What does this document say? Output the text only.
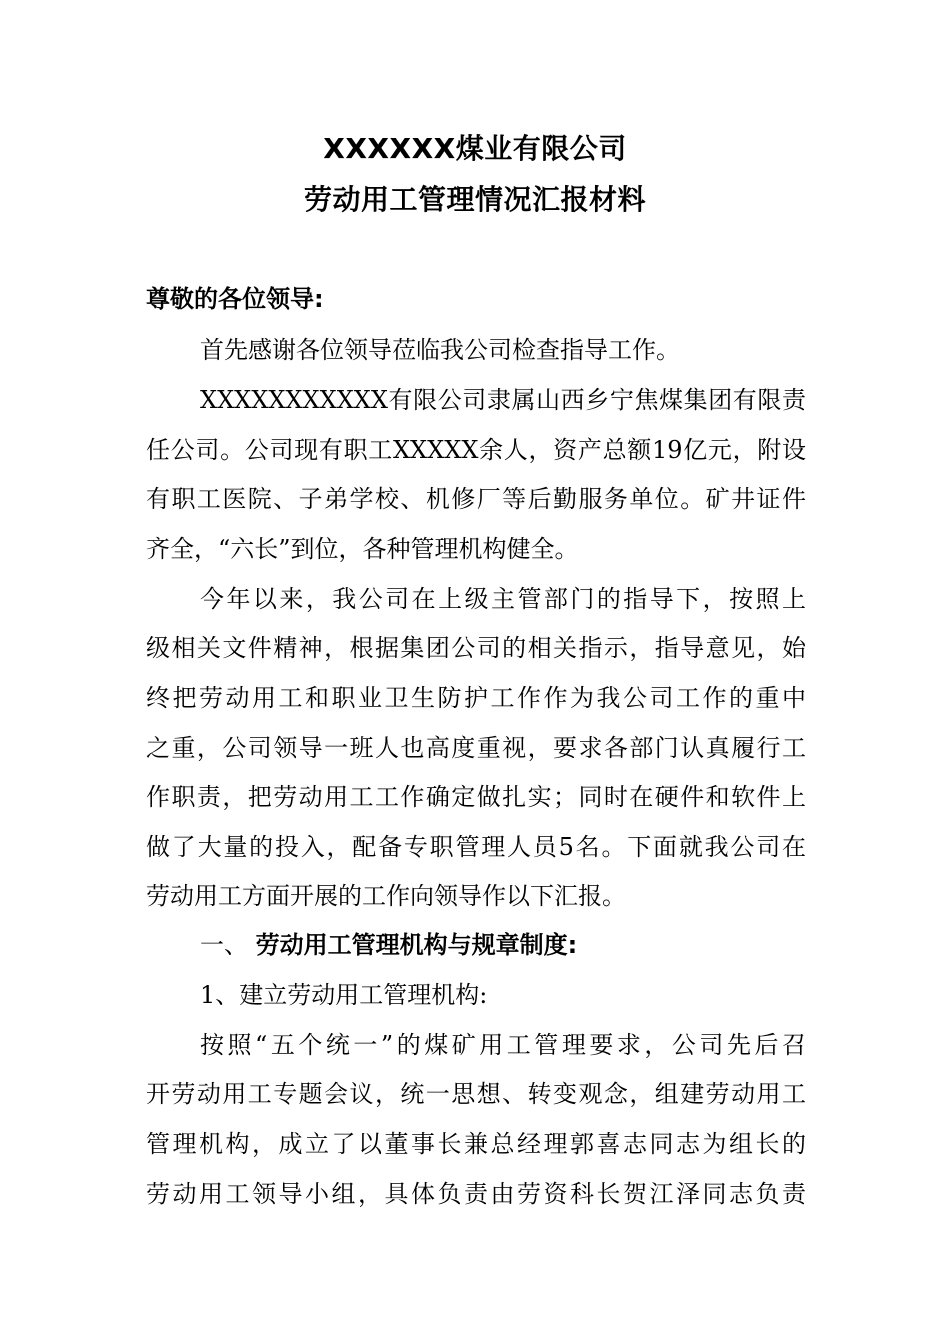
XXXXXX煤业有限公司
劳动用工管理情况汇报材料
尊敬的各位领导:
首先感谢各位领导莅临我公司检查指导工作。
XXXXXXXXXXX有限公司隶属山西乡宁焦煤集团有限责
任公司。公司现有职工XXXXX余人，资产总额19亿元，附设
有职工医院、子弟学校、机修厂等后勤服务单位。矿井证件
齐全，“六长”到位，各种管理机构健全。
今年以来，我公司在上级主管部门的指导下，按照上
级相关文件精神，根据集团公司的相关指示，指导意见，始
终把劳动用工和职业卫生防护工作作为我公司工作的重中
之重，公司领导一班人也高度重视，要求各部门认真履行工
作职责，把劳动用工工作确定做扎实；同时在硬件和软件上
做了大量的投入，配备专职管理人员5名。下面就我公司在
劳动用工方面开展的工作向领导作以下汇报。
一、 劳动用工管理机构与规章制度:
1、建立劳动用工管理机构:
按照“五个统一”的煤矿用工管理要求，公司先后召
开劳动用工专题会议，统一思想、转变观念，组建劳动用工
管理机构，成立了以董事长兼总经理郭喜志同志为组长的
劳动用工领导小组，具体负责由劳资科长贺江泽同志负责
